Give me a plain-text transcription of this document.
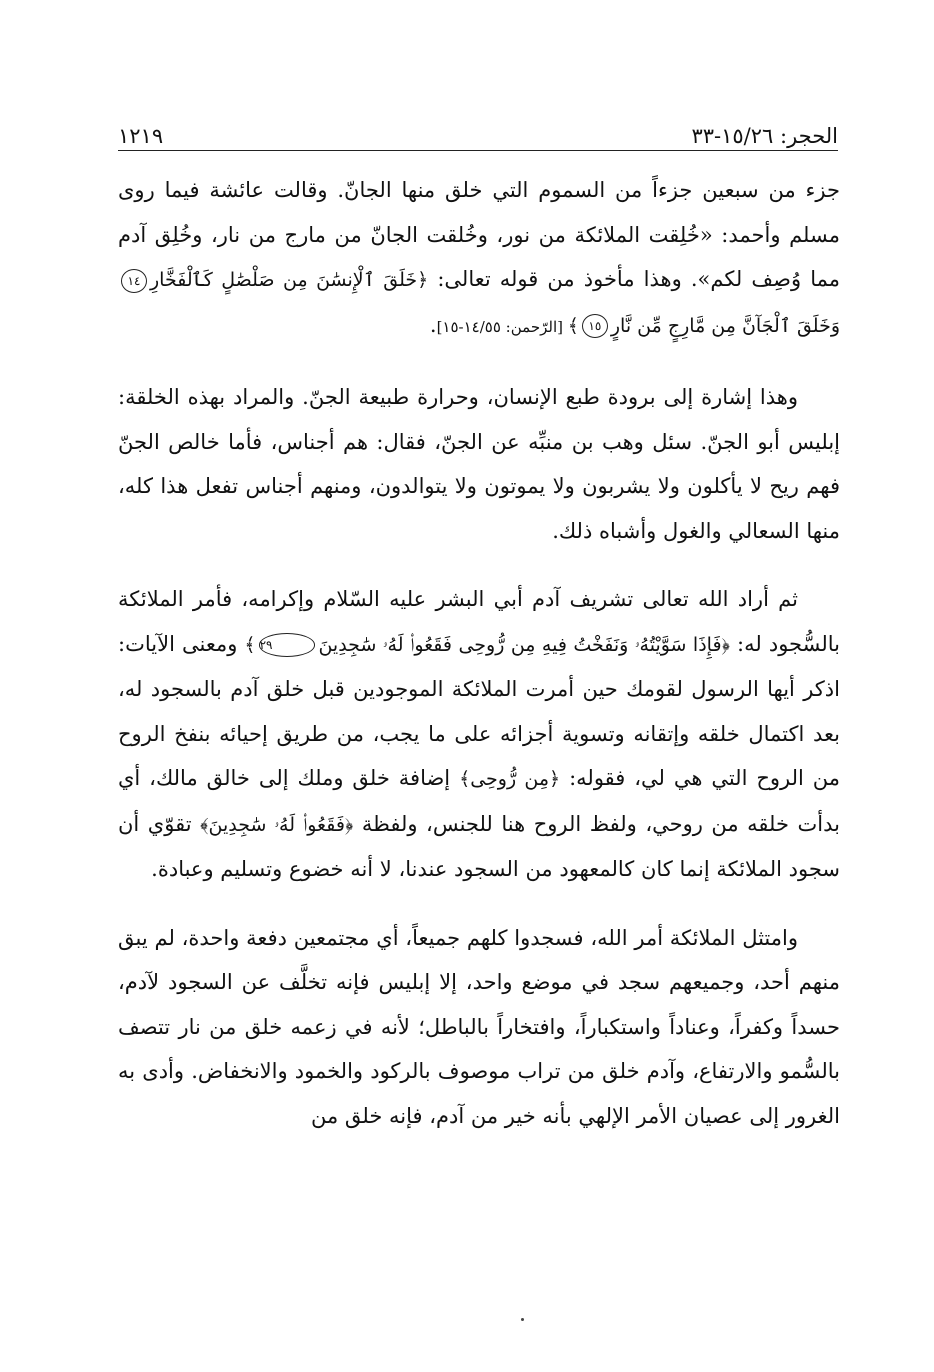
الحجر: ١٥/٢٦-٣٣
١٢١٩

جزء من سبعين جزءاً من السموم التي خلق منها الجانّ. وقالت عائشة فيما روى مسلم وأحمد: «خُلِقت الملائكة من نور، وخُلقت الجانّ من مارج من نار، وخُلِق آدم مما وُصِف لكم». وهذا مأخوذ من قوله تعالى: ﴿خَلَقَ ٱلْإِنسَٰنَ مِن صَلْصَٰلٍ كَٱلْفَخَّارِ١٤وَخَلَقَ ٱلْجَآنَّ مِن مَّارِجٍ مِّن نَّارٍ١٥﴾ [الرّحمن: ١٤/٥٥-١٥].

وهذا إشارة إلى برودة طبع الإنسان، وحرارة طبيعة الجنّ. والمراد بهذه الخلقة: إبليس أبو الجنّ. سئل وهب بن منبِّه عن الجنّ، فقال: هم أجناس، فأما خالص الجنّ فهم ريح لا يأكلون ولا يشربون ولا يموتون ولا يتوالدون، ومنهم أجناس تفعل هذا كله، منها السعالي والغول وأشباه ذلك.

ثم أراد الله تعالى تشريف آدم أبي البشر عليه السّلام وإكرامه، فأمر الملائكة بالسُّجود له: ﴿فَإِذَا سَوَّيْتُهُۥ وَنَفَخْتُ فِيهِ مِن رُّوحِى فَقَعُوا۟ لَهُۥ سَٰجِدِينَ٢٩﴾ ومعنى الآيات: اذكر أيها الرسول لقومك حين أمرت الملائكة الموجودين قبل خلق آدم بالسجود له، بعد اكتمال خلقه وإتقانه وتسوية أجزائه على ما يجب، من طريق إحيائه بنفخ الروح من الروح التي هي لي، فقوله: ﴿مِن رُّوحِى﴾ إضافة خلق وملك إلى خالق مالك، أي بدأت خلقه من روحي، ولفظ الروح هنا للجنس، ولفظة ﴿فَقَعُوا۟ لَهُۥ سَٰجِدِينَ﴾ تقوّي أن سجود الملائكة إنما كان كالمعهود من السجود عندنا، لا أنه خضوع وتسليم وعبادة.

وامتثل الملائكة أمر الله، فسجدوا كلهم جميعاً، أي مجتمعين دفعة واحدة، لم يبق منهم أحد، وجميعهم سجد في موضع واحد، إلا إبليس فإنه تخلَّف عن السجود لآدم، حسداً وكفراً، وعناداً واستكباراً، وافتخاراً بالباطل؛ لأنه في زعمه خلق من نار تتصف بالسُّمو والارتفاع، وآدم خلق من تراب موصوف بالركود والخمود والانخفاض. وأدى به الغرور إلى عصيان الأمر الإلهي بأنه خير من آدم، فإنه خلق من
